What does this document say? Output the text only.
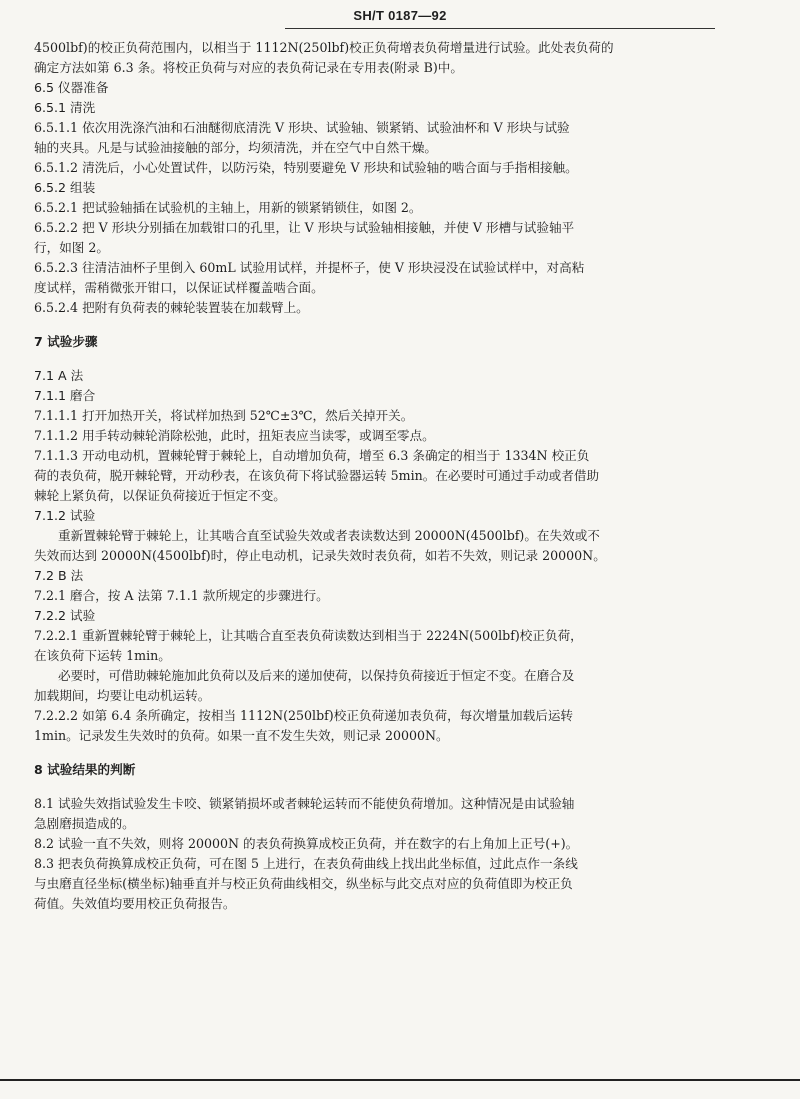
SH/T 0187—92
4500lbf)的校正负荷范围内，以相当于 1112N(250lbf)校正负荷增表负荷增量进行试验。此处表负荷的
确定方法如第 6.3 条。将校正负荷与对应的表负荷记录在专用表(附录 B)中。
6.5 仪器准备
6.5.1 清洗
6.5.1.1 依次用洗涤汽油和石油醚彻底清洗 V 形块、试验轴、锁紧销、试验油杯和 V 形块与试验
轴的夹具。凡是与试验油接触的部分，均须清洗，并在空气中自然干燥。
6.5.1.2 清洗后，小心处置试件，以防污染，特别要避免 V 形块和试验轴的啮合面与手指相接触。
6.5.2 组装
6.5.2.1 把试验轴插在试验机的主轴上，用新的锁紧销锁住，如图 2。
6.5.2.2 把 V 形块分别插在加载钳口的孔里，让 V 形块与试验轴相接触，并使 V 形槽与试验轴平
行，如图 2。
6.5.2.3 往清洁油杯子里倒入 60mL 试验用试样，并提杯子，使 V 形块浸没在试验试样中，对高粘
度试样，需稍微张开钳口，以保证试样覆盖啮合面。
6.5.2.4 把附有负荷表的棘轮装置装在加载臂上。
7 试验步骤
7.1 A 法
7.1.1 磨合
7.1.1.1 打开加热开关，将试样加热到 52℃±3℃，然后关掉开关。
7.1.1.2 用手转动棘轮消除松弛，此时，扭矩表应当读零，或调至零点。
7.1.1.3 开动电动机，置棘轮臂于棘轮上，自动增加负荷，增至 6.3 条确定的相当于 1334N 校正负
荷的表负荷，脱开棘轮臂，开动秒表，在该负荷下将试验器运转 5min。在必要时可通过手动或者借助
棘轮上紧负荷，以保证负荷接近于恒定不变。
7.1.2 试验
重新置棘轮臂于棘轮上，让其啮合直至试验失效或者表读数达到 20000N(4500lbf)。在失效或不
失效而达到 20000N(4500lbf)时，停止电动机，记录失效时表负荷，如若不失效，则记录 20000N。
7.2 B 法
7.2.1 磨合，按 A 法第 7.1.1 款所规定的步骤进行。
7.2.2 试验
7.2.2.1 重新置棘轮臂于棘轮上，让其啮合直至表负荷读数达到相当于 2224N(500lbf)校正负荷，
在该负荷下运转 1min。
必要时，可借助棘轮施加此负荷以及后来的递加使荷，以保持负荷接近于恒定不变。在磨合及
加载期间，均要让电动机运转。
7.2.2.2 如第 6.4 条所确定，按相当 1112N(250lbf)校正负荷递加表负荷，每次增量加载后运转
1min。记录发生失效时的负荷。如果一直不发生失效，则记录 20000N。
8 试验结果的判断
8.1 试验失效指试验发生卡咬、锁紧销损坏或者棘轮运转而不能使负荷增加。这种情况是由试验轴
急剧磨损造成的。
8.2 试验一直不失效，则将 20000N 的表负荷换算成校正负荷，并在数字的右上角加上正号(+)。
8.3 把表负荷换算成校正负荷，可在图 5 上进行，在表负荷曲线上找出此坐标值，过此点作一条线
与虫磨直径坐标(横坐标)轴垂直并与校正负荷曲线相交，纵坐标与此交点对应的负荷值即为校正负
荷值。失效值均要用校正负荷报告。
